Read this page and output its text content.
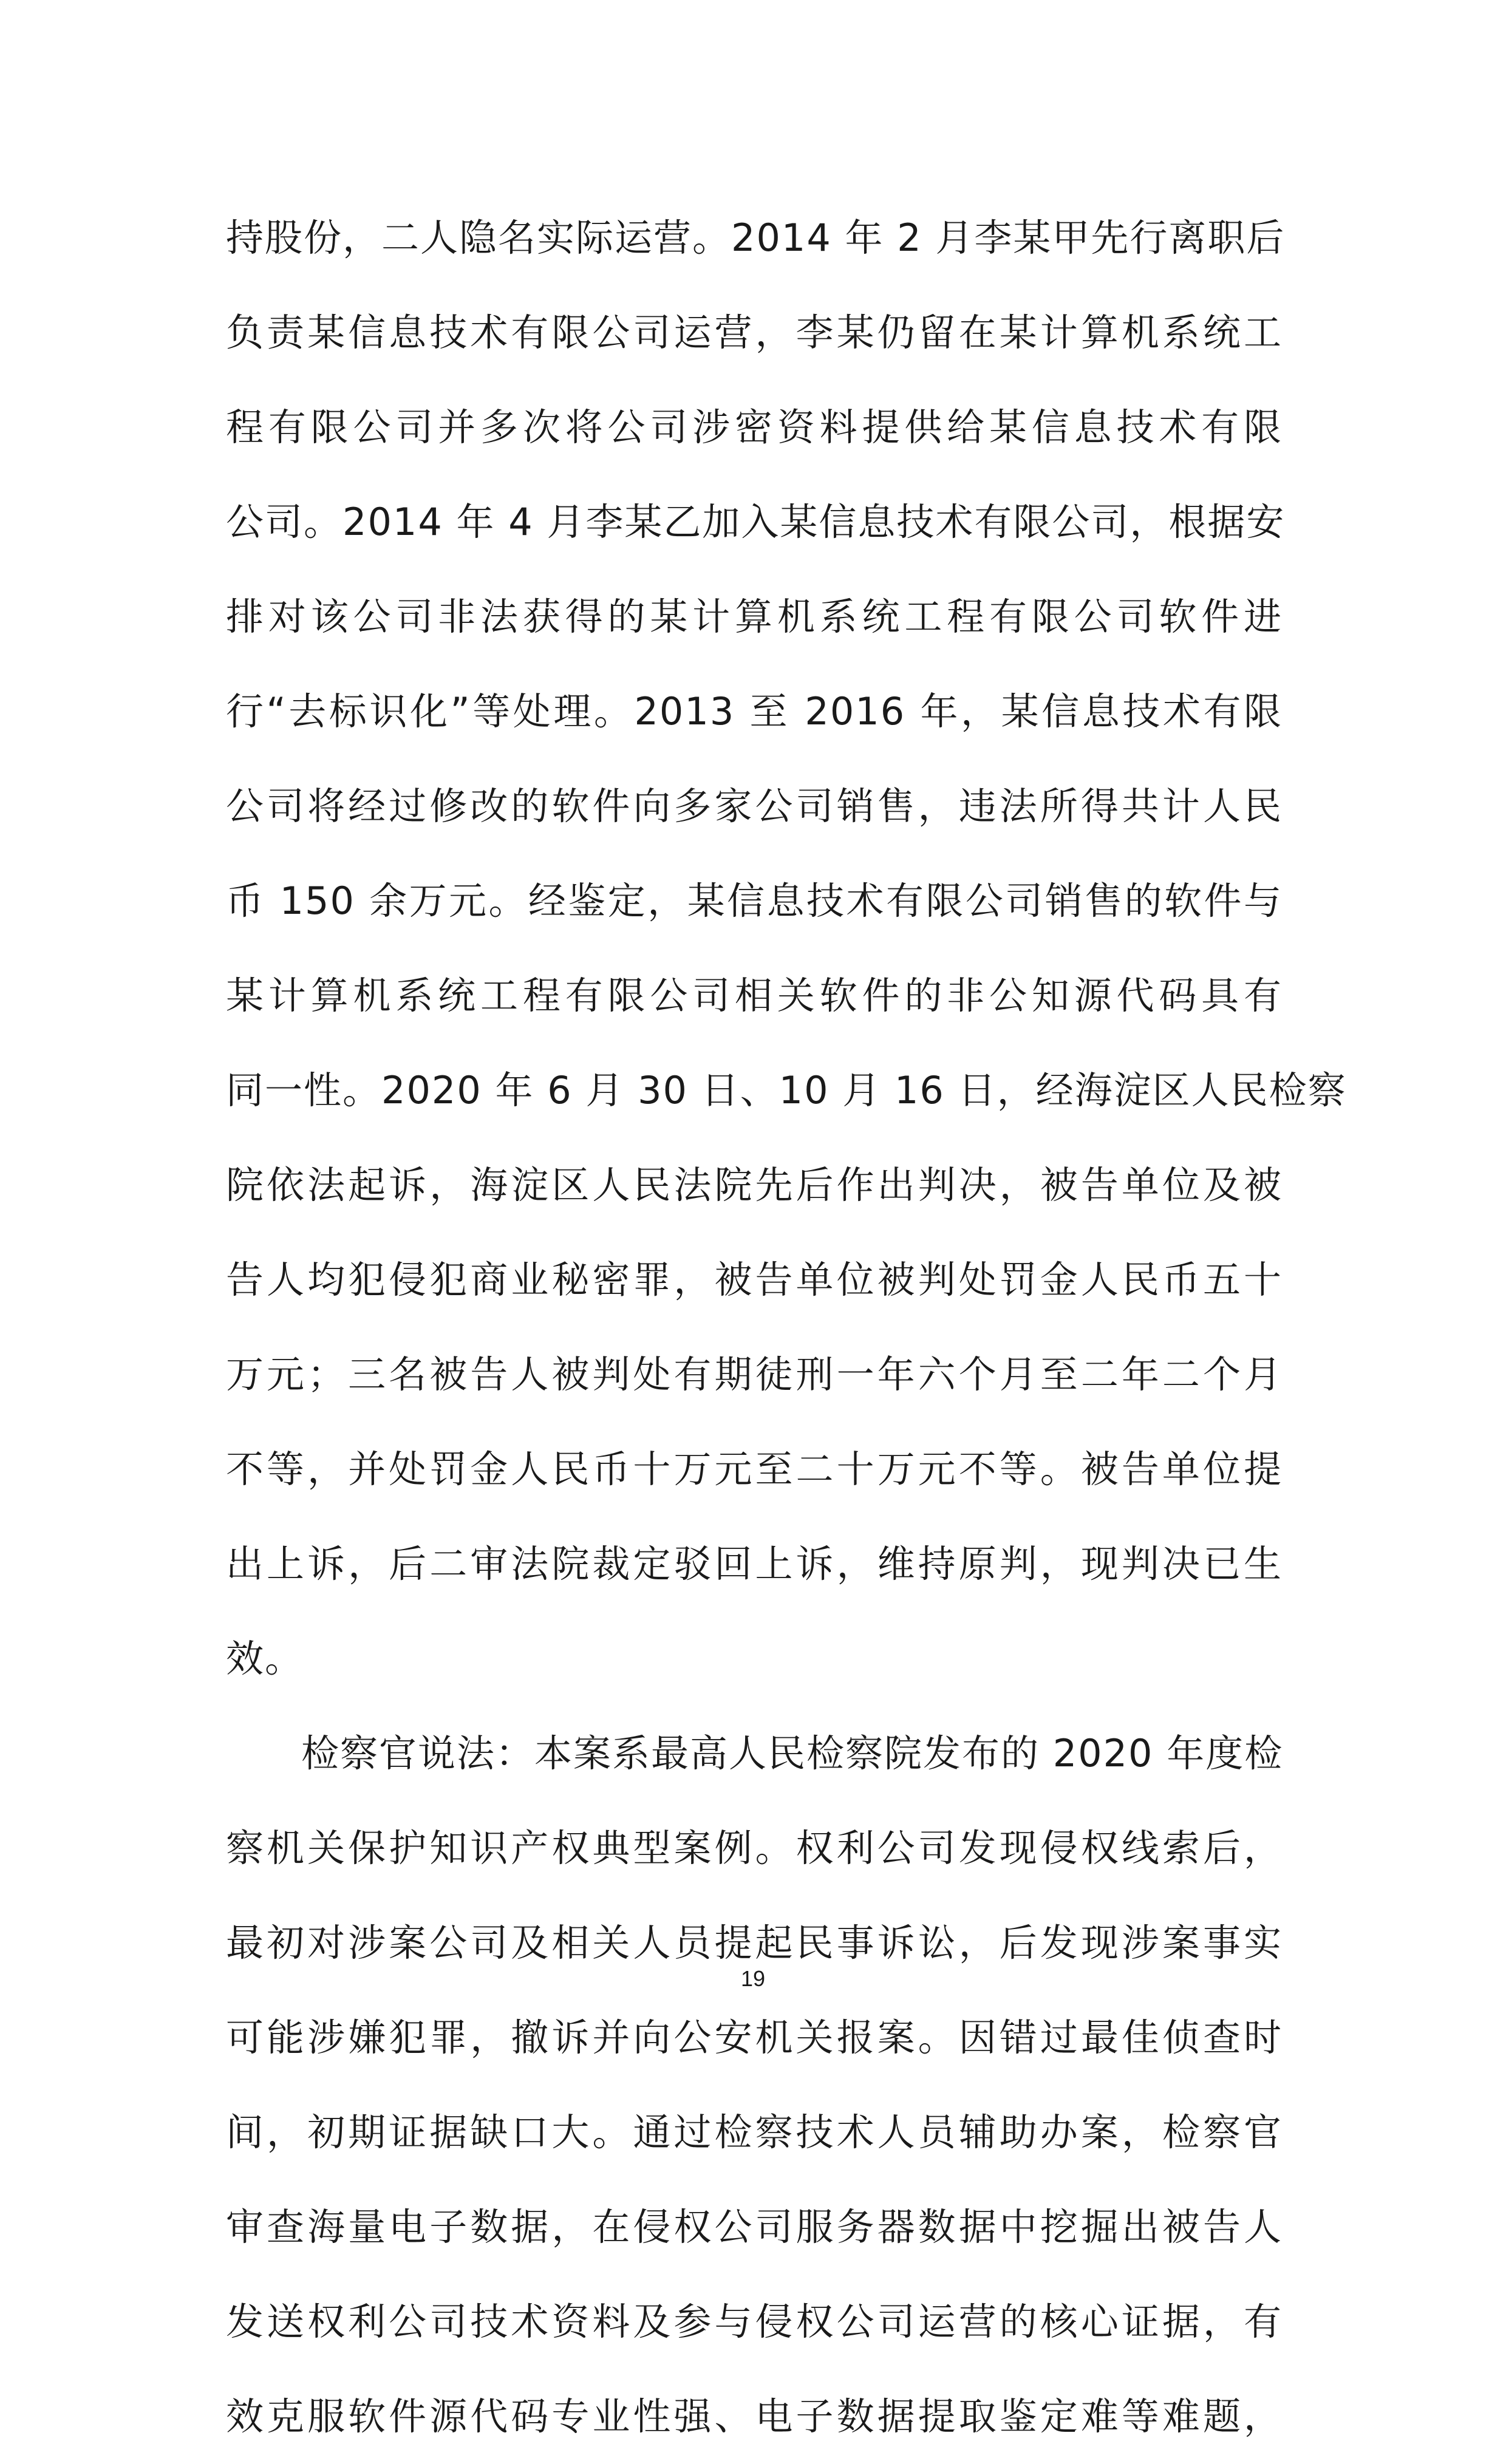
持股份，二人隐名实际运营。2014 年 2 月李某甲先行离职后
负责某信息技术有限公司运营，李某仍留在某计算机系统工
程有限公司并多次将公司涉密资料提供给某信息技术有限
公司。2014 年 4 月李某乙加入某信息技术有限公司，根据安
排对该公司非法获得的某计算机系统工程有限公司软件进
行“去标识化”等处理。2013 至 2016 年，某信息技术有限
公司将经过修改的软件向多家公司销售，违法所得共计人民
币 150 余万元。经鉴定，某信息技术有限公司销售的软件与
某计算机系统工程有限公司相关软件的非公知源代码具有
同一性。2020 年 6 月 30 日、10 月 16 日，经海淀区人民检察
院依法起诉，海淀区人民法院先后作出判决，被告单位及被
告人均犯侵犯商业秘密罪，被告单位被判处罚金人民币五十
万元；三名被告人被判处有期徒刑一年六个月至二年二个月
不等，并处罚金人民币十万元至二十万元不等。被告单位提
出上诉，后二审法院裁定驳回上诉，维持原判，现判决已生
效。
检察官说法：本案系最高人民检察院发布的 2020 年度检
察机关保护知识产权典型案例。权利公司发现侵权线索后，
最初对涉案公司及相关人员提起民事诉讼，后发现涉案事实
可能涉嫌犯罪，撤诉并向公安机关报案。因错过最佳侦查时
间，初期证据缺口大。通过检察技术人员辅助办案，检察官
审查海量电子数据，在侵权公司服务器数据中挖掘出被告人
发送权利公司技术资料及参与侵权公司运营的核心证据，有
效克服软件源代码专业性强、电子数据提取鉴定难等难题，
19
